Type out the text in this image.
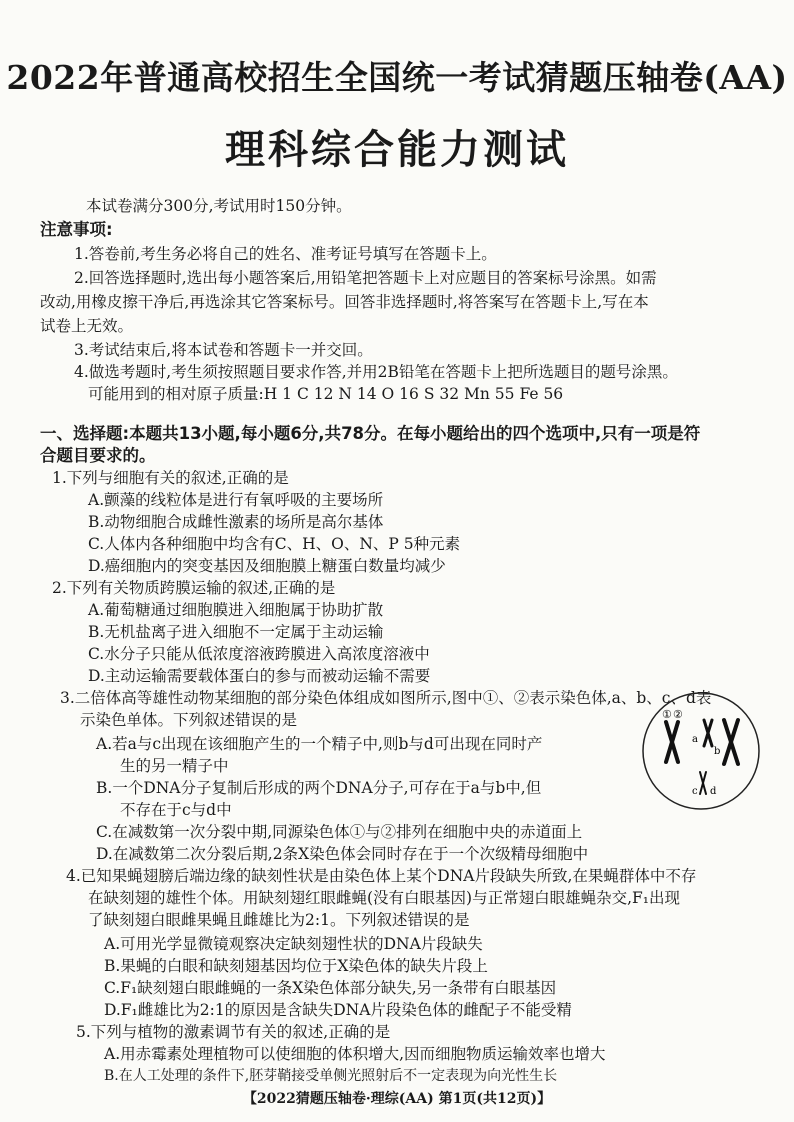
2022年普通高校招生全国统一考试猜题压轴卷(AA)
理科综合能力测试
本试卷满分300分,考试用时150分钟。
注意事项:
1.答卷前,考生务必将自己的姓名、准考证号填写在答题卡上。
2.回答选择题时,选出每小题答案后,用铅笔把答题卡上对应题目的答案标号涂黑。如需
改动,用橡皮擦干净后,再选涂其它答案标号。回答非选择题时,将答案写在答题卡上,写在本
试卷上无效。
3.考试结束后,将本试卷和答题卡一并交回。
4.做选考题时,考生须按照题目要求作答,并用2B铅笔在答题卡上把所选题目的题号涂黑。
可能用到的相对原子质量:H 1 C 12 N 14 O 16 S 32 Mn 55 Fe 56
一、选择题:本题共13小题,每小题6分,共78分。在每小题给出的四个选项中,只有一项是符
合题目要求的。
1.下列与细胞有关的叙述,正确的是
A.颤藻的线粒体是进行有氧呼吸的主要场所
B.动物细胞合成雌性激素的场所是高尔基体
C.人体内各种细胞中均含有C、H、O、N、P 5种元素
D.癌细胞内的突变基因及细胞膜上糖蛋白数量均减少
2.下列有关物质跨膜运输的叙述,正确的是
A.葡萄糖通过细胞膜进入细胞属于协助扩散
B.无机盐离子进入细胞不一定属于主动运输
C.水分子只能从低浓度溶液跨膜进入高浓度溶液中
D.主动运输需要载体蛋白的参与而被动运输不需要
3.二倍体高等雄性动物某细胞的部分染色体组成如图所示,图中①、②表示染色体,a、b、c、d表
示染色单体。下列叙述错误的是
A.若a与c出现在该细胞产生的一个精子中,则b与d可出现在同时产
生的另一精子中
B.一个DNA分子复制后形成的两个DNA分子,可存在于a与b中,但
不存在于c与d中
C.在减数第一次分裂中期,同源染色体①与②排列在细胞中央的赤道面上
D.在减数第二次分裂后期,2条X染色体会同时存在于一个次级精母细胞中
4.已知果蝇翅膀后端边缘的缺刻性状是由染色体上某个DNA片段缺失所致,在果蝇群体中不存
在缺刻翅的雄性个体。用缺刻翅红眼雌蝇(没有白眼基因)与正常翅白眼雄蝇杂交,F₁出现
了缺刻翅白眼雌果蝇且雌雄比为2:1。下列叙述错误的是
A.可用光学显微镜观察决定缺刻翅性状的DNA片段缺失
B.果蝇的白眼和缺刻翅基因均位于X染色体的缺失片段上
C.F₁缺刻翅白眼雌蝇的一条X染色体部分缺失,另一条带有白眼基因
D.F₁雌雄比为2:1的原因是含缺失DNA片段染色体的雌配子不能受精
5.下列与植物的激素调节有关的叙述,正确的是
A.用赤霉素处理植物可以使细胞的体积增大,因而细胞物质运输效率也增大
B.在人工处理的条件下,胚芽鞘接受单侧光照射后不一定表现为向光性生长
① ②
a
b
c d
【2022猜题压轴卷·理综(AA) 第1页(共12页)】
